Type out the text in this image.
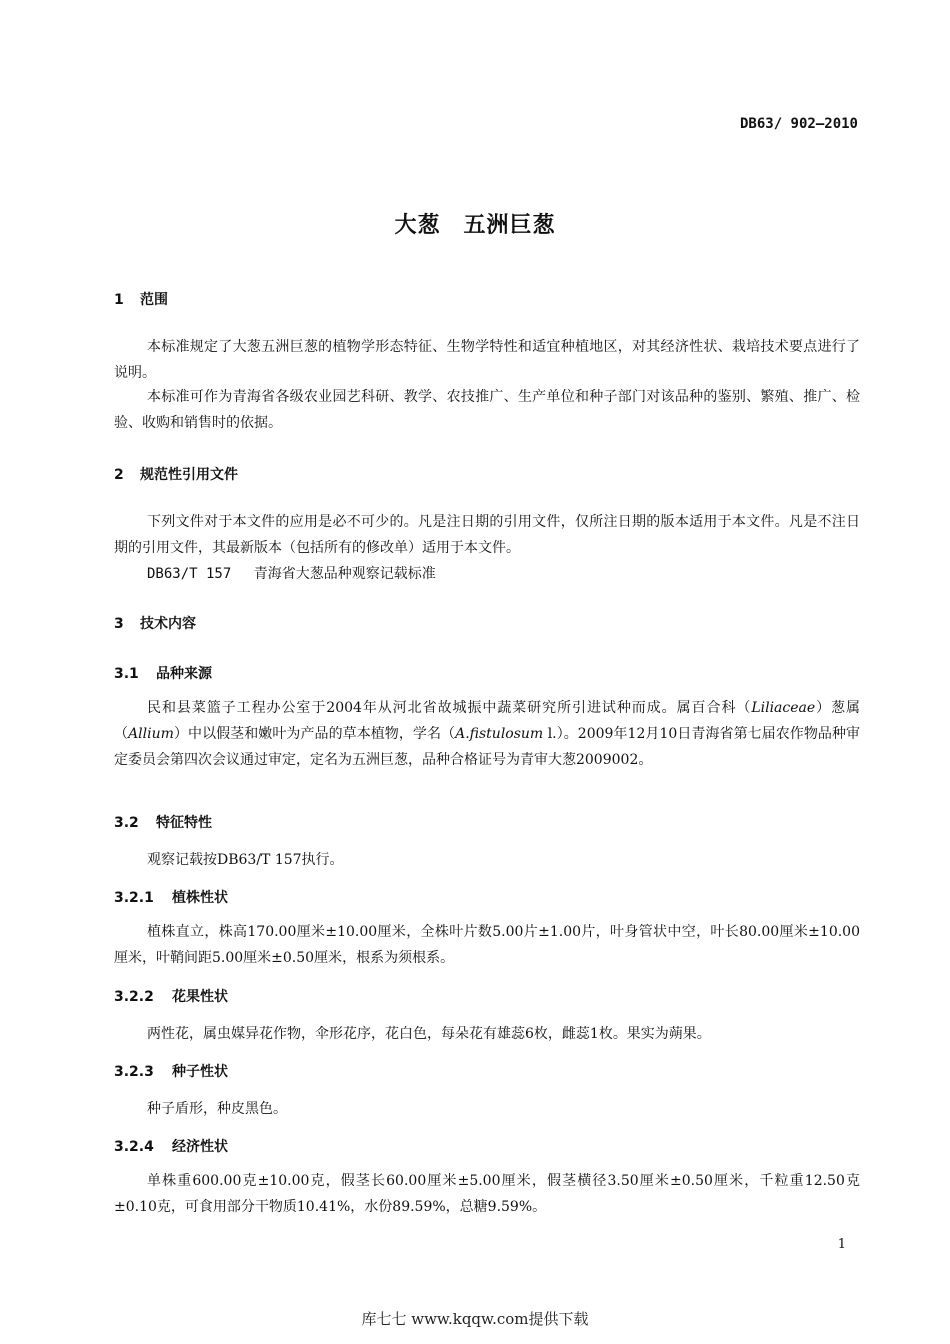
DB63/ 902—2010
大葱　五洲巨葱
1 范围
本标准规定了大葱五洲巨葱的植物学形态特征、生物学特性和适宜种植地区，对其经济性状、栽培技术要点进行了说明。
本标准可作为青海省各级农业园艺科研、教学、农技推广、生产单位和种子部门对该品种的鉴别、繁殖、推广、检验、收购和销售时的依据。
2 规范性引用文件
下列文件对于本文件的应用是必不可少的。凡是注日期的引用文件，仅所注日期的版本适用于本文件。凡是不注日期的引用文件，其最新版本（包括所有的修改单）适用于本文件。
DB63/T 157 青海省大葱品种观察记载标准
3 技术内容
3.1 品种来源
民和县菜篮子工程办公室于2004年从河北省故城振中蔬菜研究所引进试种而成。属百合科（Liliaceae）葱属（Allium）中以假茎和嫩叶为产品的草本植物，学名（A.fistulosum l.）。2009年12月10日青海省第七届农作物品种审定委员会第四次会议通过审定，定名为五洲巨葱，品种合格证号为青审大葱2009002。
3.2 特征特性
观察记载按DB63/T 157执行。
3.2.1 植株性状
植株直立，株高170.00厘米±10.00厘米，全株叶片数5.00片±1.00片，叶身管状中空，叶长80.00厘米±10.00厘米，叶鞘间距5.00厘米±0.50厘米，根系为须根系。
3.2.2 花果性状
两性花，属虫媒异花作物，伞形花序，花白色，每朵花有雄蕊6枚，雌蕊1枚。果实为蒴果。
3.2.3 种子性状
种子盾形，种皮黑色。
3.2.4 经济性状
单株重600.00克±10.00克，假茎长60.00厘米±5.00厘米，假茎横径3.50厘米±0.50厘米，千粒重12.50克±0.10克，可食用部分干物质10.41%，水份89.59%，总糖9.59%。
1
库七七 www.kqqw.com提供下载
